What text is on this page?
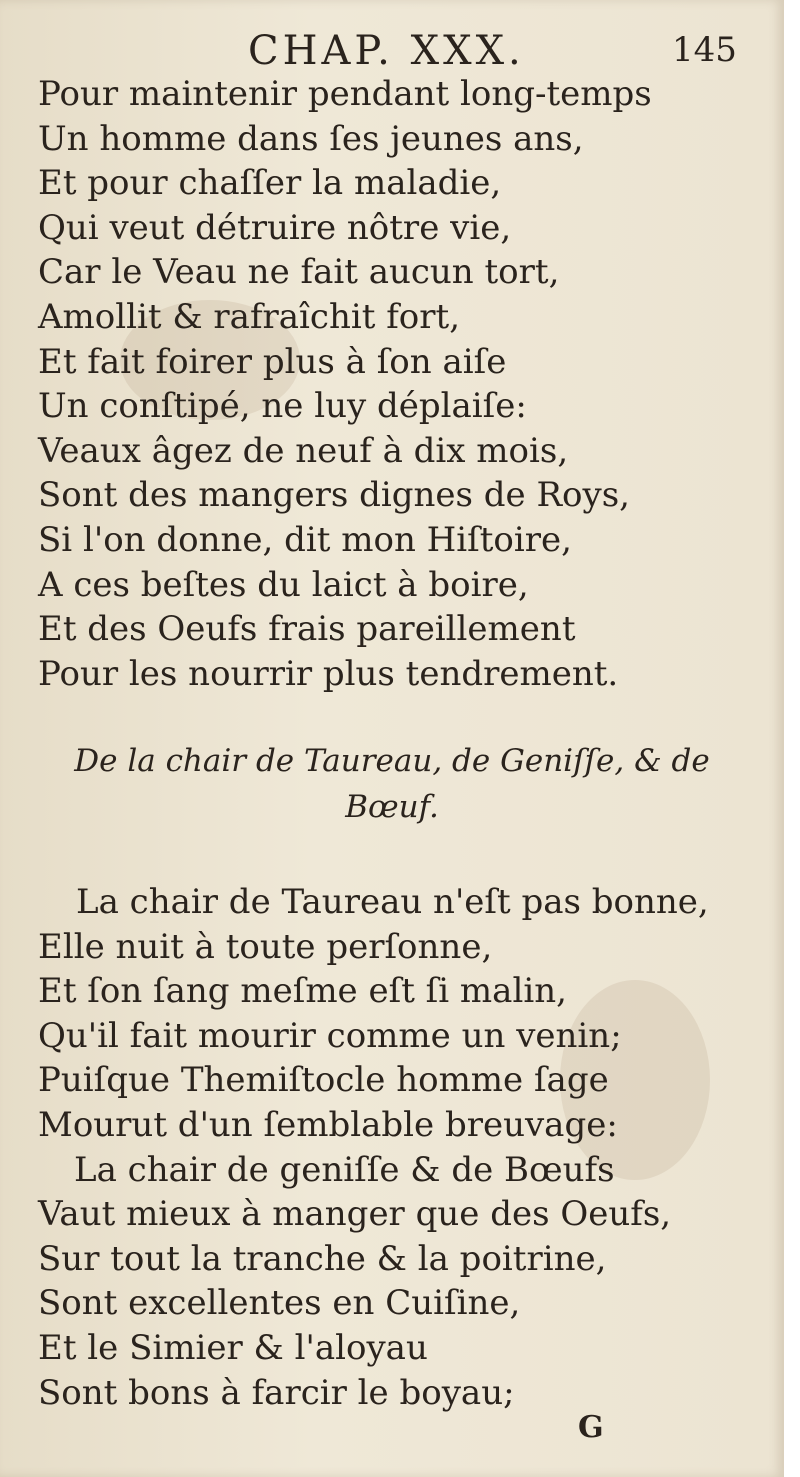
CHAP. XXX.	145
Pour maintenir pendant long-temps
Un homme dans ſes jeunes ans,
Et pour chaſſer la maladie,
Qui veut détruire nôtre vie,
Car le Veau ne fait aucun tort,
Amollit & rafraîchit fort,
Et fait foirer plus à ſon aiſe
Un conſtipé, ne luy déplaiſe:
Veaux âgez de neuf à dix mois,
Sont des mangers dignes de Roys,
Si l'on donne, dit mon Hiſtoire,
A ces beſtes du laict à boire,
Et des Oeufs frais pareillement
Pour les nourrir plus tendrement.
De la chair de Taureau, de Geniſſe, & de
Bœuf.
La chair de Taureau n'eſt pas bonne,
Elle nuit à toute perſonne,
Et ſon ſang meſme eſt ſi malin,
Qu'il fait mourir comme un venin;
Puiſque Themiſtocle homme ſage
Mourut d'un ſemblable breuvage:
La chair de geniſſe & de Bœufs
Vaut mieux à manger que des Oeufs,
Sur tout la tranche & la poitrine,
Sont excellentes en Cuiſine,
Et le Simier & l'aloyau
Sont bons à farcir le boyau;
G
